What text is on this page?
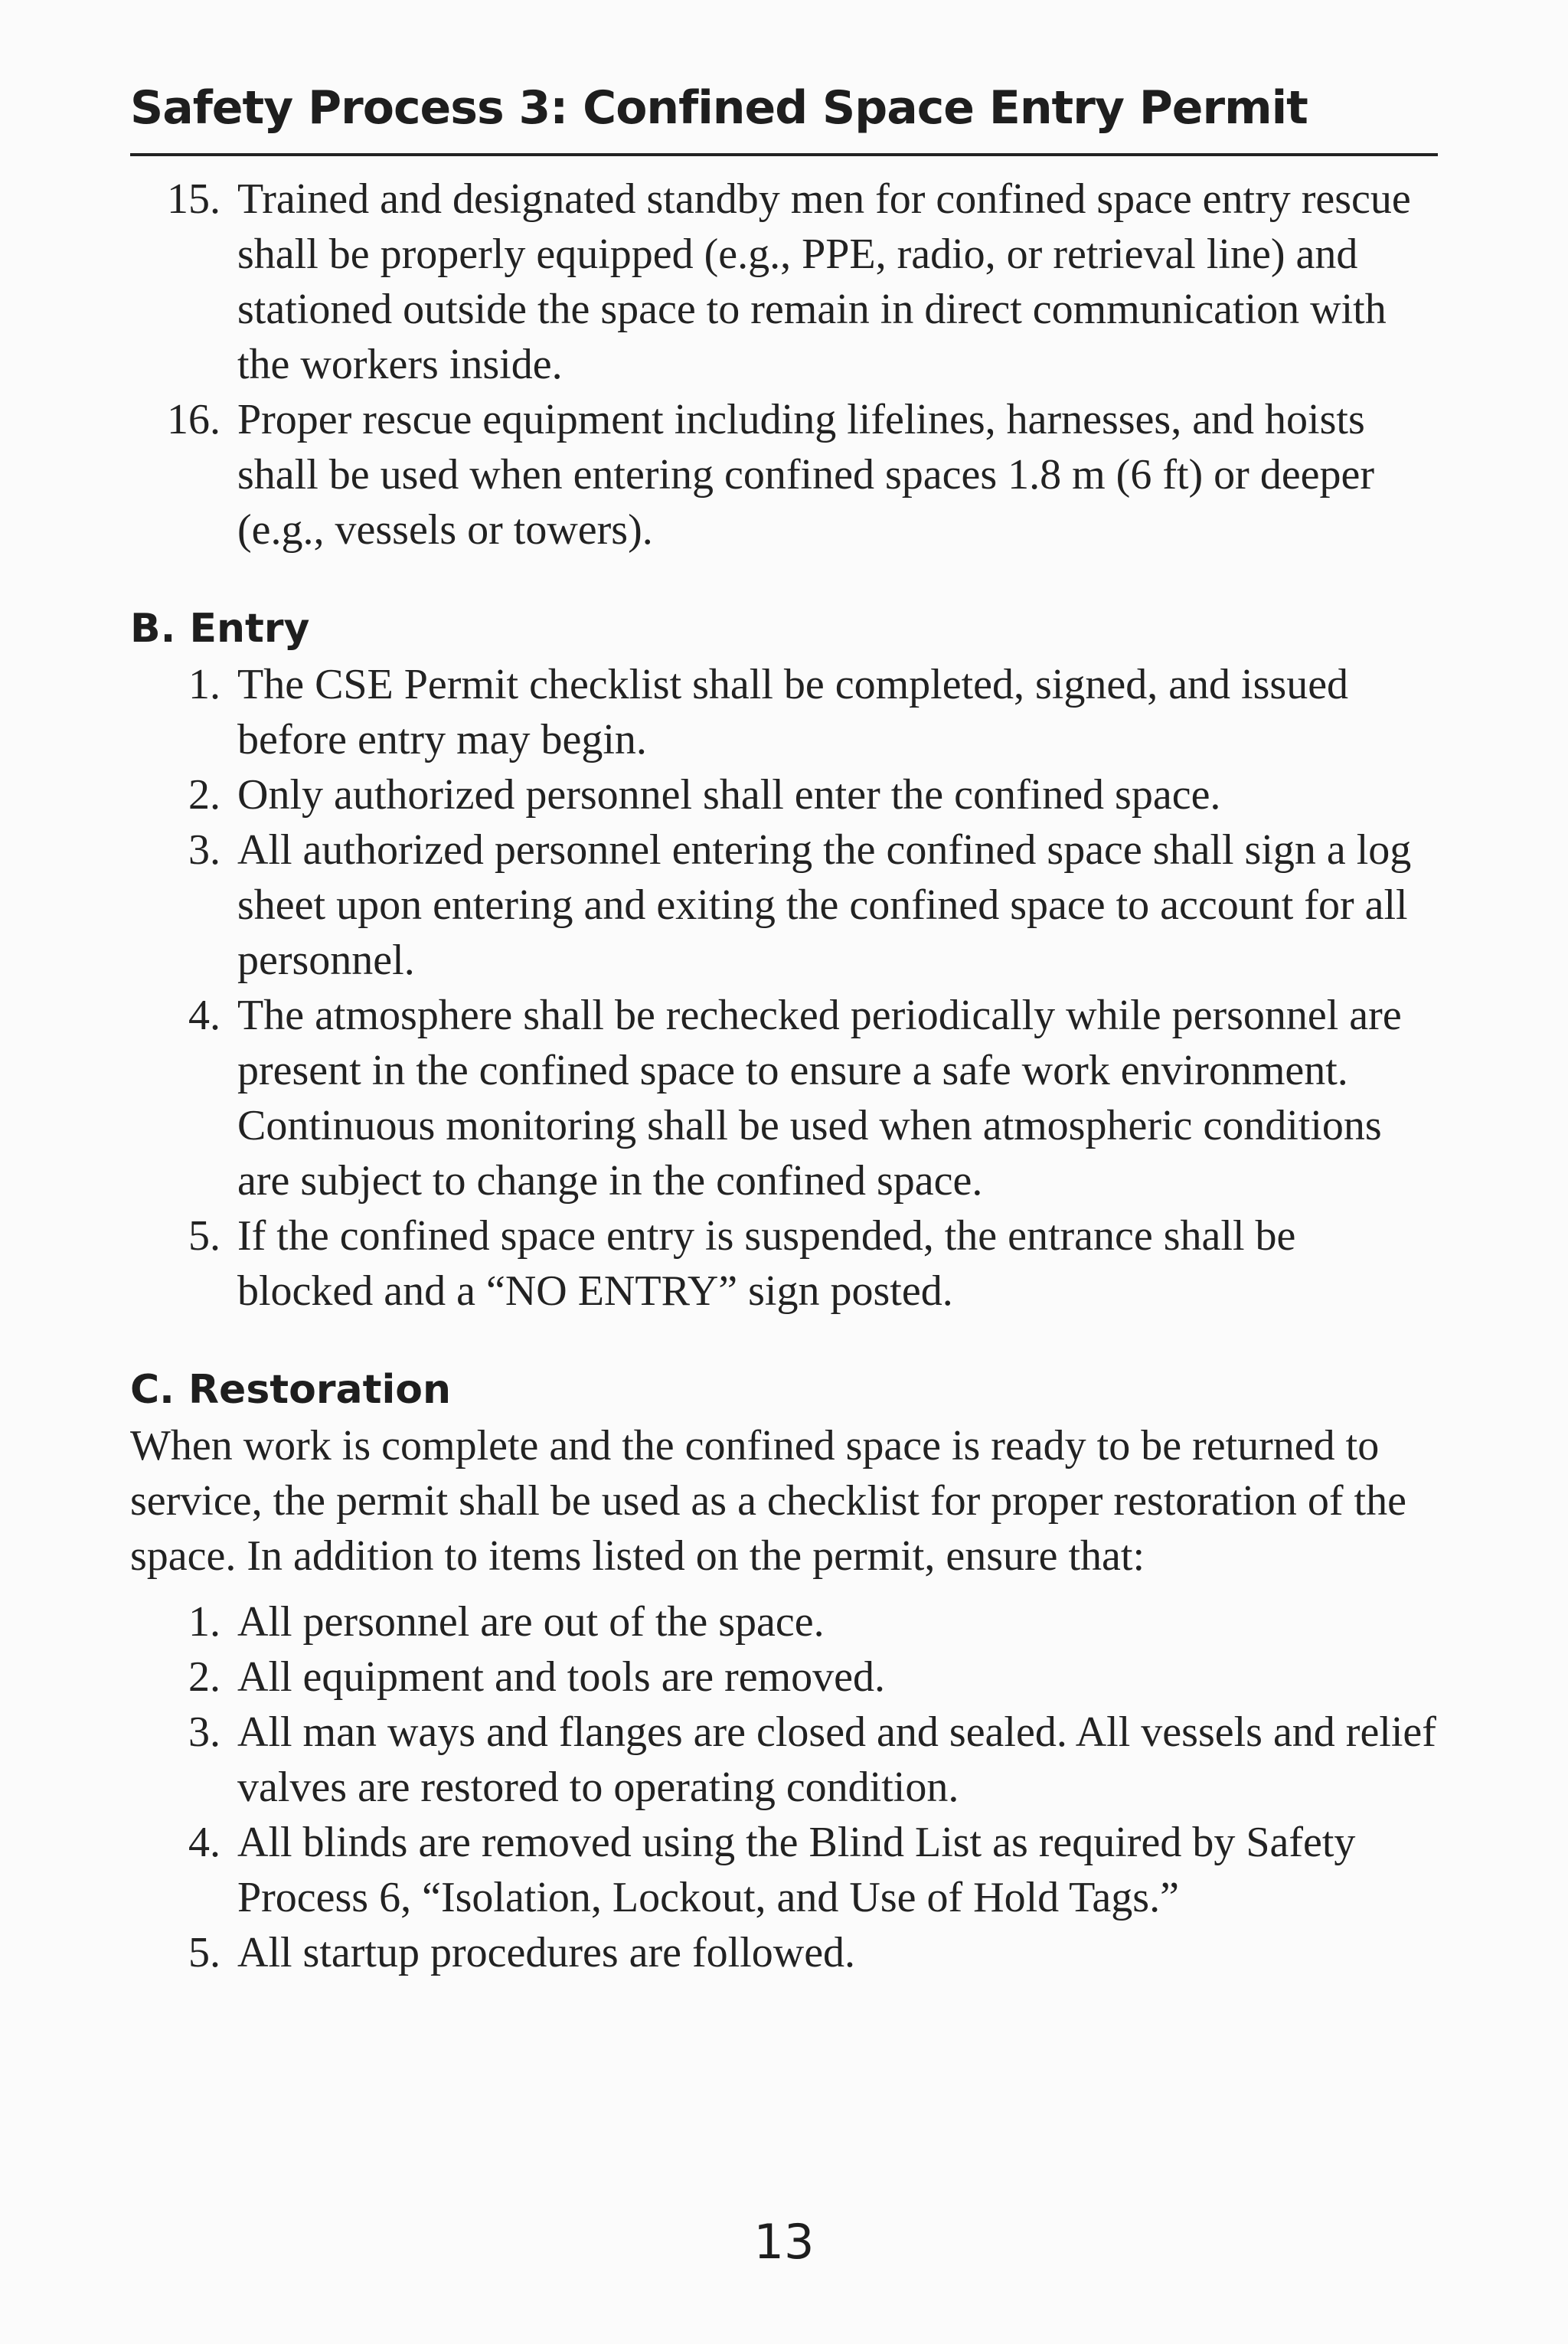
Safety Process 3: Confined Space Entry Permit
15. Trained and designated standby men for confined space entry rescue shall be properly equipped (e.g., PPE, radio, or retrieval line) and stationed outside the space to remain in direct communication with the workers inside.
16. Proper rescue equipment including lifelines, harnesses, and hoists shall be used when entering confined spaces 1.8 m (6 ft) or deeper (e.g., vessels or towers).
B. Entry
1. The CSE Permit checklist shall be completed, signed, and issued before entry may begin.
2. Only authorized personnel shall enter the confined space.
3. All authorized personnel entering the confined space shall sign a log sheet upon entering and exiting the confined space to account for all personnel.
4. The atmosphere shall be rechecked periodically while personnel are present in the confined space to ensure a safe work environment. Continuous monitoring shall be used when atmospheric conditions are subject to change in the confined space.
5. If the confined space entry is suspended, the entrance shall be blocked and a “NO ENTRY” sign posted.
C. Restoration

When work is complete and the confined space is ready to be returned to service, the permit shall be used as a checklist for proper restoration of the space. In addition to items listed on the permit, ensure that:

1. All personnel are out of the space.
2. All equipment and tools are removed.
3. All man ways and flanges are closed and sealed. All vessels and relief valves are restored to operating condition.
4. All blinds are removed using the Blind List as required by Safety Process 6, “Isolation, Lockout, and Use of Hold Tags.”
5. All startup procedures are followed.
13
